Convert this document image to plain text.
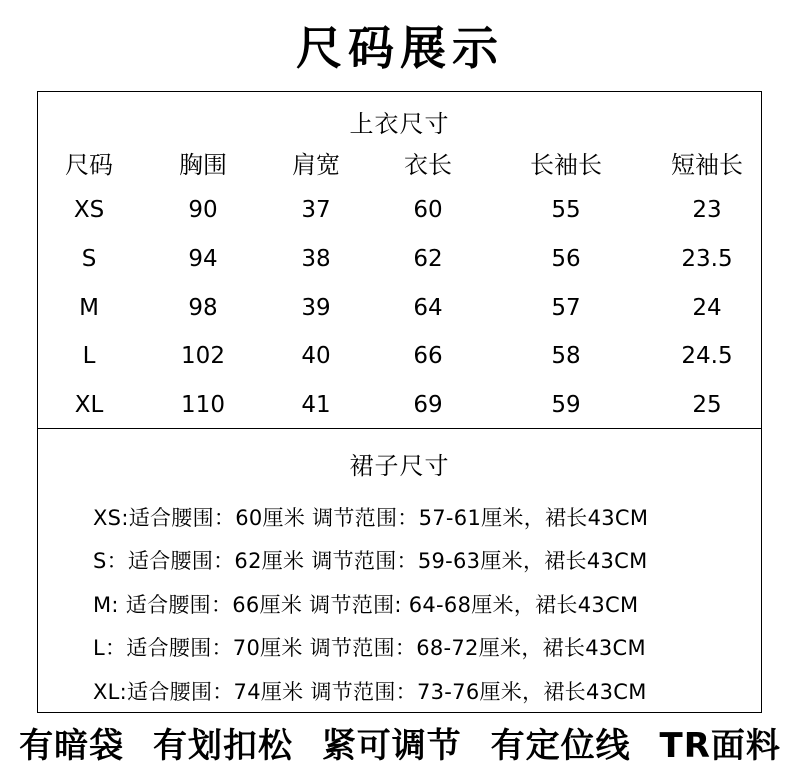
尺码展示
上衣尺寸
尺码	胸围	肩宽	衣长	长袖长	短袖长
XS	90	37	60	55	23
S	94	38	62	56	23.5
M	98	39	64	57	24
L	102	40	66	58	24.5
XL	110	41	69	59	25
裙子尺寸
XS:适合腰围：60厘米 调节范围：57-61厘米，裙长43CM
S：适合腰围：62厘米 调节范围：59-63厘米，裙长43CM
M: 适合腰围：66厘米 调节范围: 64-68厘米，裙长43CM
L：适合腰围：70厘米 调节范围：68-72厘米，裙长43CM
XL:适合腰围：74厘米 调节范围：73-76厘米，裙长43CM
有暗袋 有划扣松 紧可调节 有定位线 TR面料
